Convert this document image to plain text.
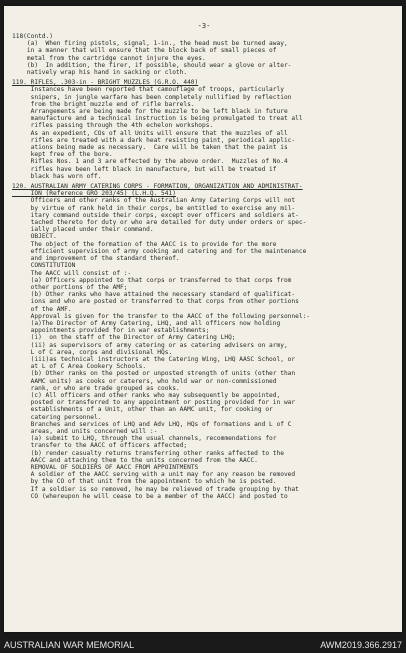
-3-
118(Contd.)
(a)  When firing pistols, signal, 1-in., the head must be turned away,
in a manner that will ensure that the block back of small pieces of
metal from the cartridge cannot injure the eyes.
(b)  In addition, the firer, if possible, should wear a glove or alter-
natively wrap his hand in sacking or cloth.
119. RIFLES, .303-in - BRIGHT MUZZLES (G.R.O. 440)
Instances have been reported that camouflage of troops, particularly
snipers, in jungle warfare has been completely nullified by reflection
from the bright muzzle end of rifle barrels.
Arrangements are being made for the muzzle to be left black in future
manufacture and a technical instruction is being promulgated to treat all
rifles passing through the 4th echelon workshops.
As an expedient, COs of all Units will ensure that the muzzles of all
rifles are treated with a dark heat resisting paint, periodical applic-
ations being made as necessary.  Care will be taken that the paint is
kept free of the bore.
Rifles Nos. 1 and 3 are effected by the above order.  Muzzles of No.4
rifles have been left black in manufacture, but will be treated if
black has worn off.
120. AUSTRALIAN ARMY CATERING CORPS - FORMATION, ORGANIZATION AND ADMINISTRAT-
ION (Reference GRO 203/45) (L.H.Q. 541)
Officers and other ranks of the Australian Army Catering Corps will not
by virtue of rank held in their corps, be entitled to exercise any mil-
itary command outside their corps, except over officers and soldiers at-
tached thereto for duty or who are detailed for duty under orders or spec-
ially placed under their command.
OBJECT.
The object of the formation of the AACC is to provide for the more
efficient supervision of army cooking and catering and for the maintenance
and improvement of the standard thereof.
CONSTITUTION
The AACC will consist of :-
(a) Officers appointed to that corps or transferred to that corps from
other portions of the AMF;
(b) Other ranks who have attained the necessary standard of qualificat-
ions and who are posted or transferred to that corps from other portions
of the AMF.
Approval is given for the transfer to the AACC of the following personnel:-
(a)The Director of Army Catering, LHQ, and all officers now holding
appointments provided for in war establishments;
(i)  on the staff of the Director of Army Catering LHQ;
(ii) as supervisors of army catering or as catering advisers on army,
L of C area, corps and divisional HQs.
(iii)as technical instructors at the Catering Wing, LHQ AASC School, or
at L of C Area Cookery Schools.
(b) Other ranks on the posted or unposted strength of units (other than
AAMC units) as cooks or caterers, who hold war or non-commissioned
rank, or who are trade grouped as cooks.
(c) All officers and other ranks who may subsequently be appointed,
posted or transferred to any appointment or posting provided for in war
establishments of a Unit, other than an AAMC unit, for cooking or
catering personnel.
Branches and services of LHQ and Adv LHQ, HQs of formations and L of C
areas, and units concerned will :-
(a) submit to LHQ, through the usual channels, recommendations for
transfer to the AACC of officers affected;
(b) render casualty returns transferring other ranks affected to the
AACC and attaching them to the units concerned from the AACC.
REMOVAL OF SOLDIERS OF AACC FROM APPOINTMENTS
A soldier of the AACC serving with a unit may for any reason be removed
by the CO of that unit from the appointment to which he is posted.
If a soldier is so removed, he may be relieved of trade grouping by that
CO (whereupon he will cease to be a member of the AACC) and posted to
AUSTRALIAN WAR MEMORIAL	AWM2019.366.2917
